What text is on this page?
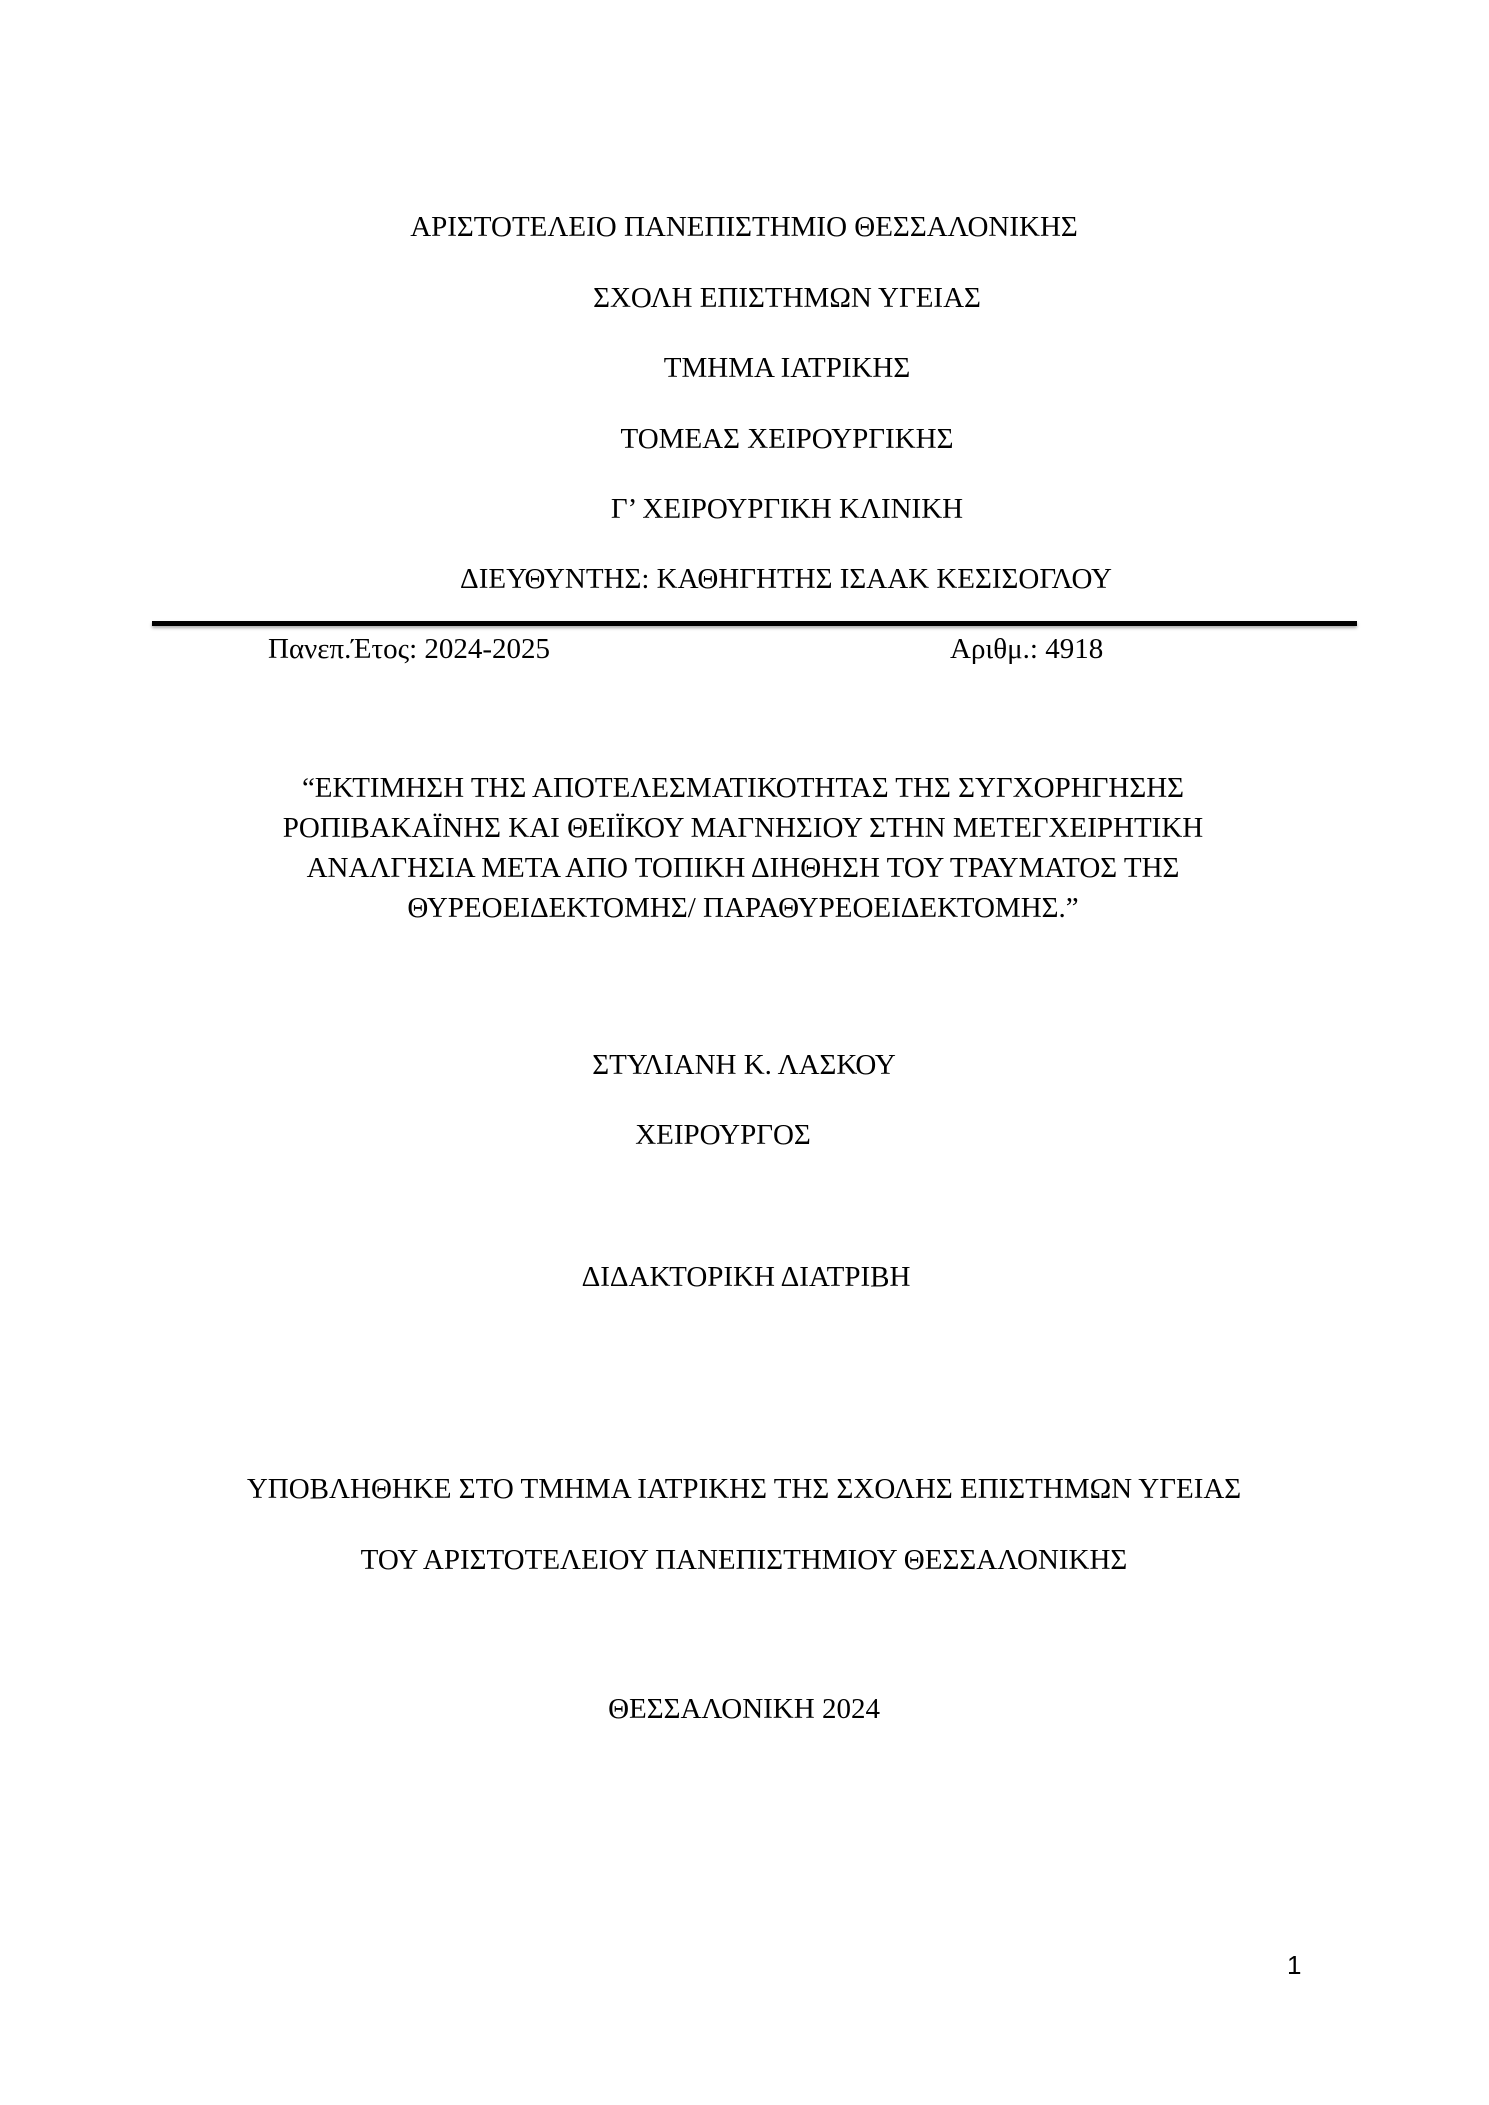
ΑΡΙΣΤΟΤΕΛΕΙΟ ΠΑΝΕΠΙΣΤΗΜΙΟ ΘΕΣΣΑΛΟΝΙΚΗΣ
ΣΧΟΛΗ ΕΠΙΣΤΗΜΩΝ ΥΓΕΙΑΣ
ΤΜΗΜΑ ΙΑΤΡΙΚΗΣ
ΤΟΜΕΑΣ ΧΕΙΡΟΥΡΓΙΚΗΣ
Γ’ ΧΕΙΡΟΥΡΓΙΚΗ ΚΛΙΝΙΚΗ
ΔΙΕΥΘΥΝΤΗΣ: ΚΑΘΗΓΗΤΗΣ ΙΣΑΑΚ ΚΕΣΙΣΟΓΛΟΥ
Πανεπ.Έτος: 2024-2025	Αριθμ.: 4918
“ΕΚΤΙΜΗΣΗ ΤΗΣ ΑΠΟΤΕΛΕΣΜΑΤΙΚΟΤΗΤΑΣ ΤΗΣ ΣΥΓΧΟΡΗΓΗΣΗΣ
ΡΟΠΙΒΑΚΑΪΝΗΣ ΚΑΙ ΘΕΙΪΚΟΥ ΜΑΓΝΗΣΙΟΥ ΣΤΗΝ ΜΕΤΕΓΧΕΙΡΗΤΙΚΗ
ΑΝΑΛΓΗΣΙΑ ΜΕΤΑ ΑΠΟ ΤΟΠΙΚΗ ΔΙΗΘΗΣΗ ΤΟΥ ΤΡΑΥΜΑΤΟΣ ΤΗΣ
ΘΥΡΕΟΕΙΔΕΚΤΟΜΗΣ/ ΠΑΡΑΘΥΡΕΟΕΙΔΕΚΤΟΜΗΣ.”
ΣΤΥΛΙΑΝΗ Κ. ΛΑΣΚΟΥ
ΧΕΙΡΟΥΡΓΟΣ
ΔΙΔΑΚΤΟΡΙΚΗ ΔΙΑΤΡΙΒΗ
ΥΠΟΒΛΗΘΗΚΕ ΣΤΟ ΤΜΗΜΑ ΙΑΤΡΙΚΗΣ ΤΗΣ ΣΧΟΛΗΣ ΕΠΙΣΤΗΜΩΝ ΥΓΕΙΑΣ
ΤΟΥ ΑΡΙΣΤΟΤΕΛΕΙΟΥ ΠΑΝΕΠΙΣΤΗΜΙΟΥ ΘΕΣΣΑΛΟΝΙΚΗΣ
ΘΕΣΣΑΛΟΝΙΚΗ 2024
1
